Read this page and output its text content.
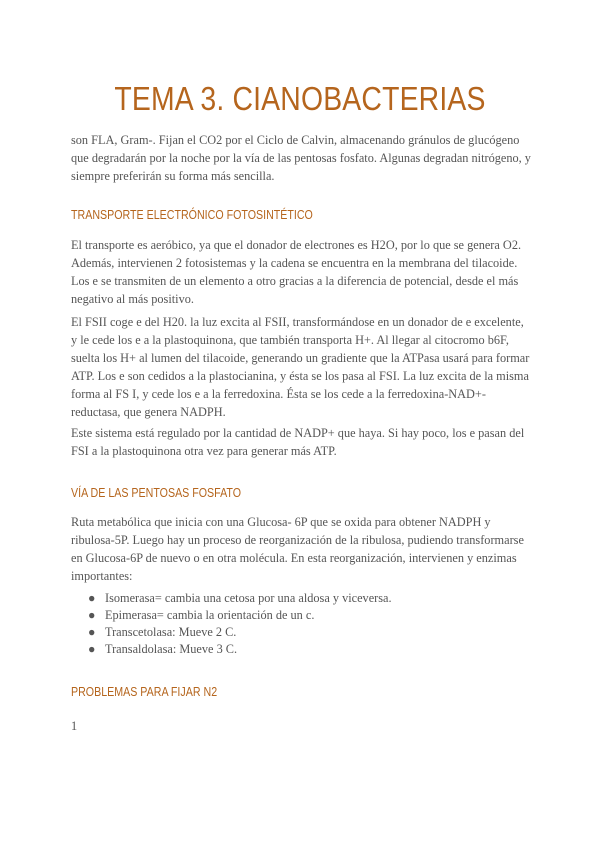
TEMA 3. CIANOBACTERIAS

son FLA, Gram-. Fijan el CO2 por el Ciclo de Calvin, almacenando gránulos de glucógeno que degradarán por la noche por la vía de las pentosas fosfato. Algunas degradan nitrógeno, y siempre preferirán su forma más sencilla.

TRANSPORTE ELECTRÓNICO FOTOSINTÉTICO

El transporte es aeróbico, ya que el donador de electrones es H2O, por lo que se genera O2. Además, intervienen 2 fotosistemas y la cadena se encuentra en la membrana del tilacoide. Los e se transmiten de un elemento a otro gracias a la diferencia de potencial, desde el más negativo al más positivo.

El FSII coge e del H20. la luz excita al FSII, transformándose en un donador de e excelente, y le cede los e a la plastoquinona, que también transporta H+. Al llegar al citocromo b6F, suelta los H+ al lumen del tilacoide, generando un gradiente que la ATPasa usará para formar ATP. Los e son cedidos a la plastocianina, y ésta se los pasa al FSI. La luz excita de la misma forma al FS I, y cede los e a la ferredoxina. Ésta se los cede a la ferredoxina-NAD+- reductasa, que genera NADPH.

Este sistema está regulado por la cantidad de NADP+ que haya. Si hay poco, los e pasan del FSI a la plastoquinona otra vez para generar más ATP.

VÍA DE LAS PENTOSAS FOSFATO

Ruta metabólica que inicia con una Glucosa- 6P que se oxida para obtener NADPH y ribulosa-5P. Luego hay un proceso de reorganización de la ribulosa, pudiendo transformarse en Glucosa-6P de nuevo o en otra molécula. En esta reorganización, intervienen y enzimas importantes:

● Isomerasa= cambia una cetosa por una aldosa y viceversa.
● Epimerasa= cambia la orientación de un c.
● Transcetolasa: Mueve 2 C.
● Transaldolasa: Mueve 3 C.
PROBLEMAS PARA FIJAR N2
1
